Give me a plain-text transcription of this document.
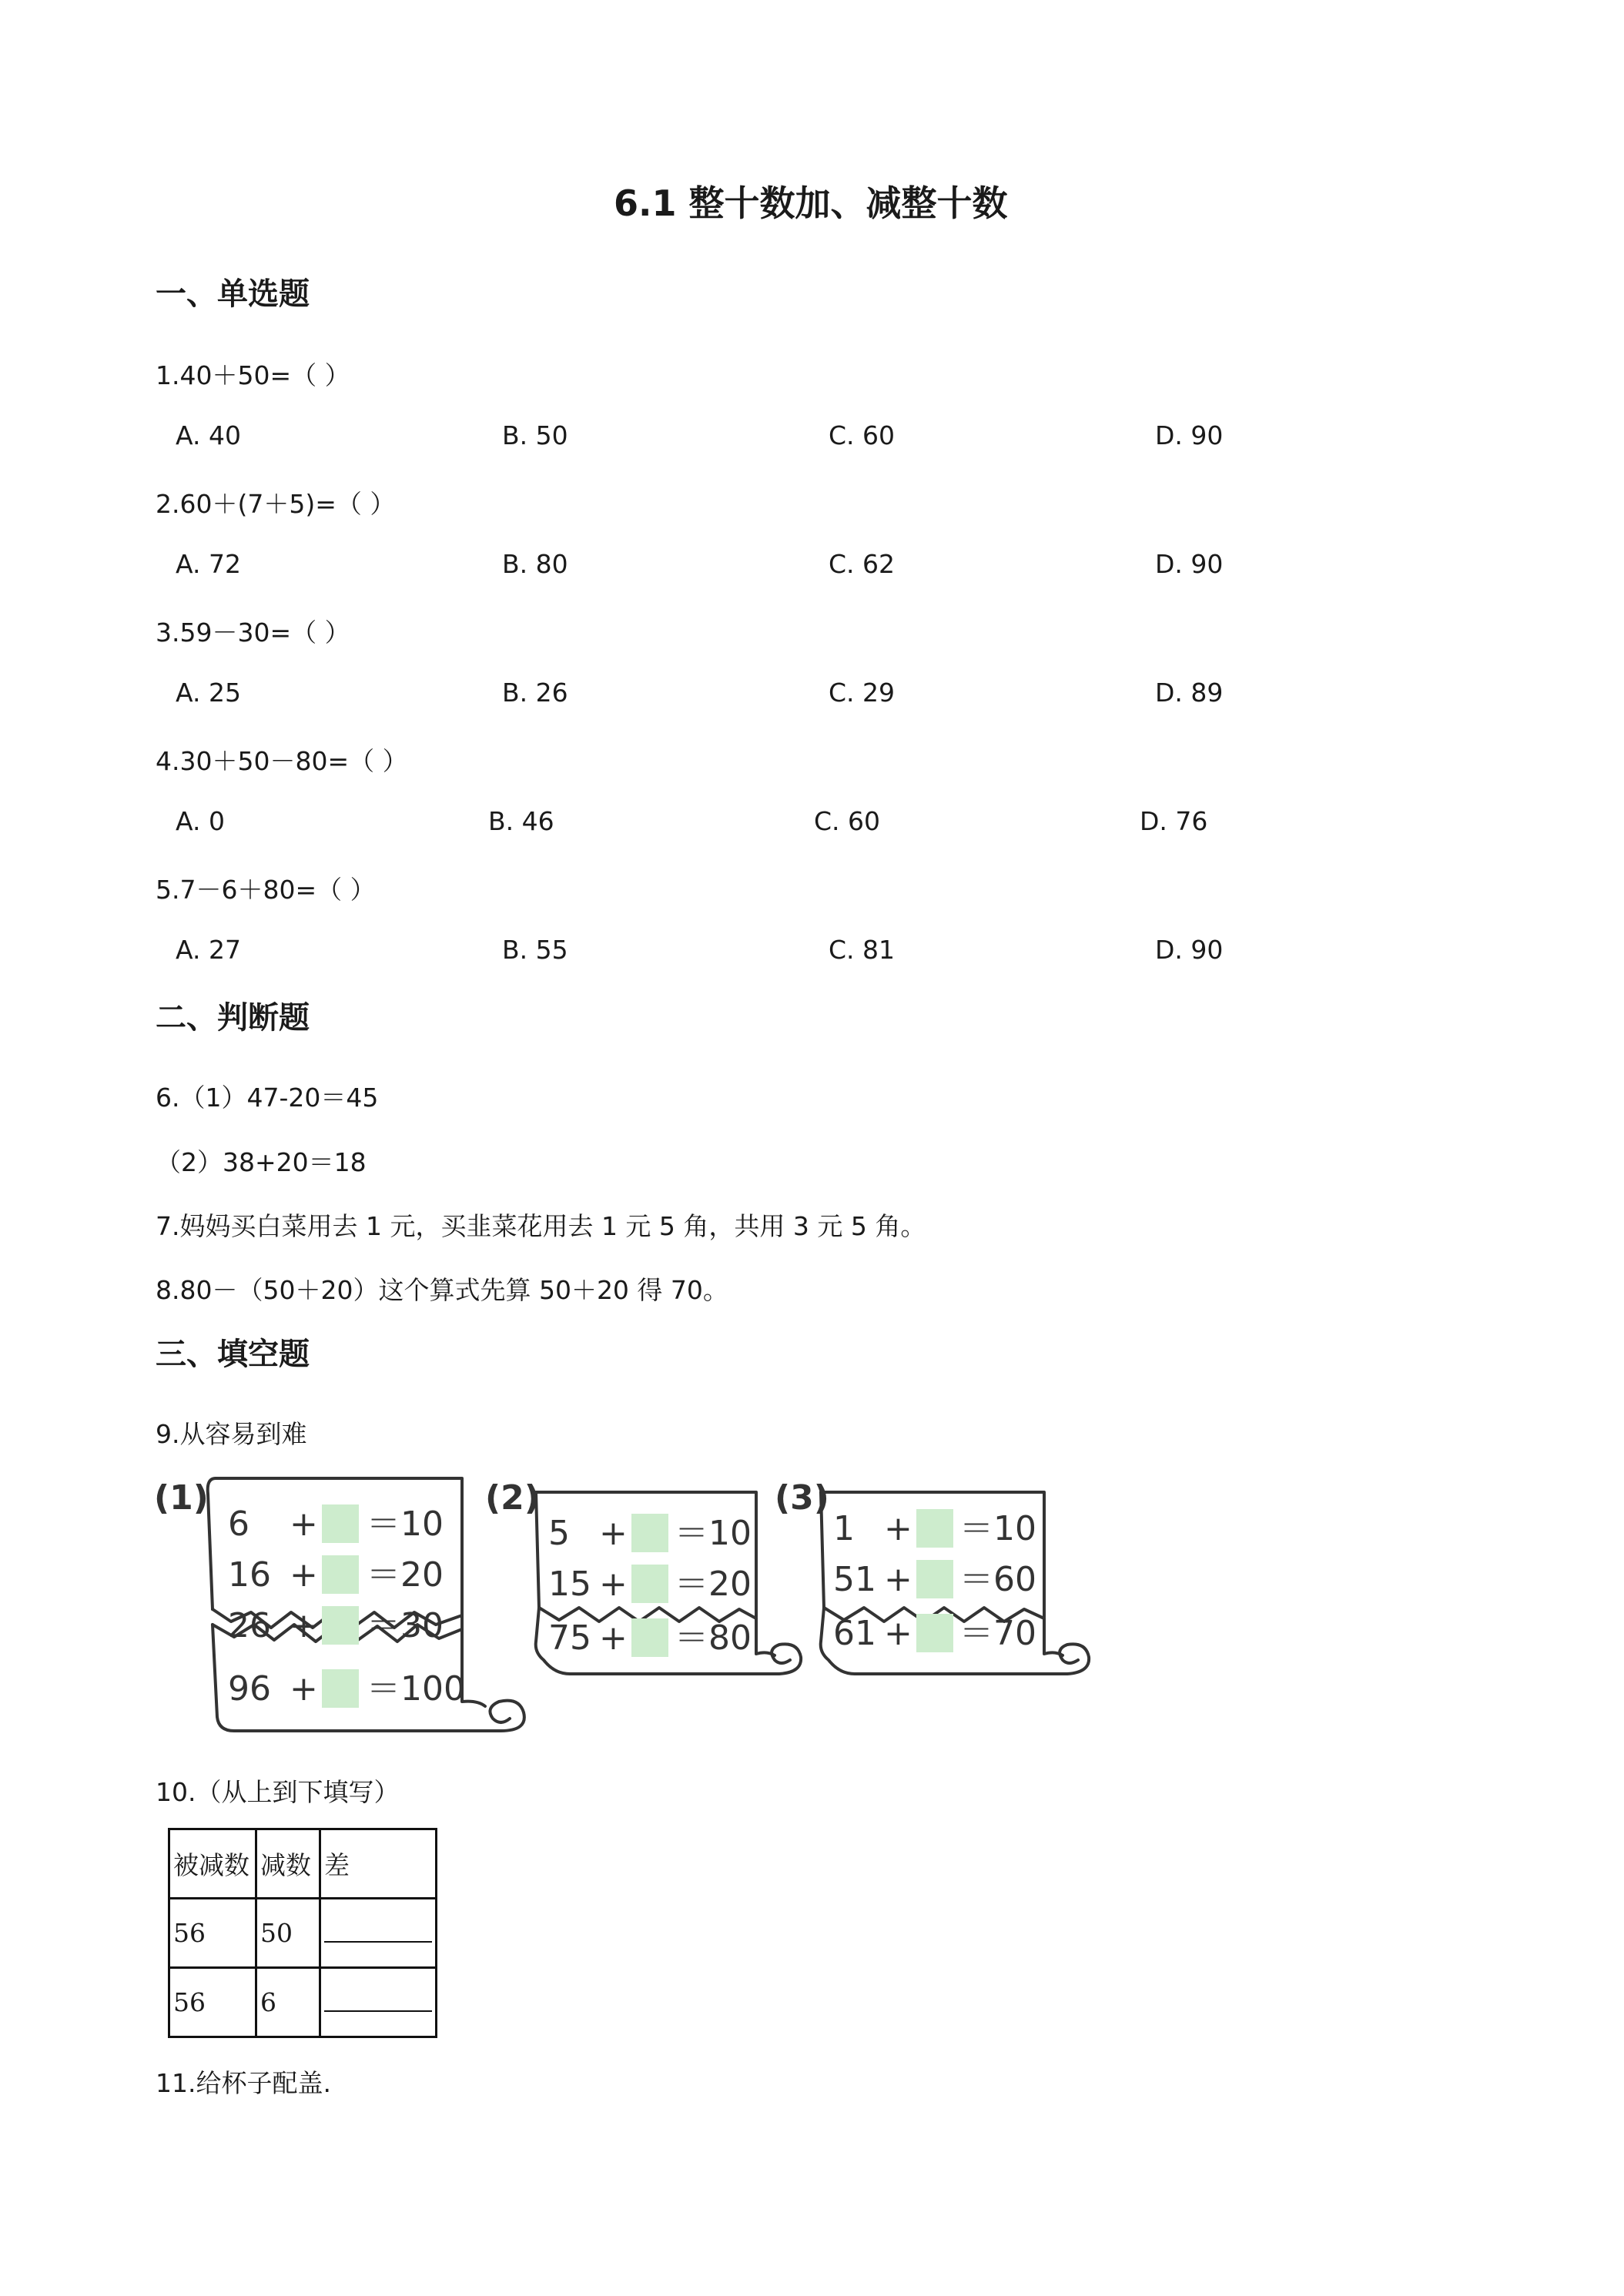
6.1 整十数加、减整十数
一、单选题
1.40＋50=（ ）
A. 40	B. 50	C. 60	D. 90
2.60＋(7＋5)=（ ）
A. 72	B. 80	C. 62	D. 90
3.59－30=（ ）
A. 25	B. 26	C. 29	D. 89
4.30＋50－80=（ ）
A. 0	B. 46	C. 60	D. 76
5.7－6＋80=（ ）
A. 27	B. 55	C. 81	D. 90
二、判断题
6.（1）47-20＝45
（2）38+20＝18
7.妈妈买白菜用去 1 元，买韭菜花用去 1 元 5 角，共用 3 元 5 角。
8.80－（50＋20）这个算式先算 50＋20 得 70。
三、填空题
9.从容易到难
(1)	(2)	(3)
6 + ＝10
16 + ＝20
26 + ＝30
96 + ＝100
5 + ＝10
15 + ＝20
75 + ＝80
1 + ＝10
51 + ＝60
61 + ＝70
10.（从上到下填写）
被减数	减数	差
56	50	
56	6	
11.给杯子配盖.
